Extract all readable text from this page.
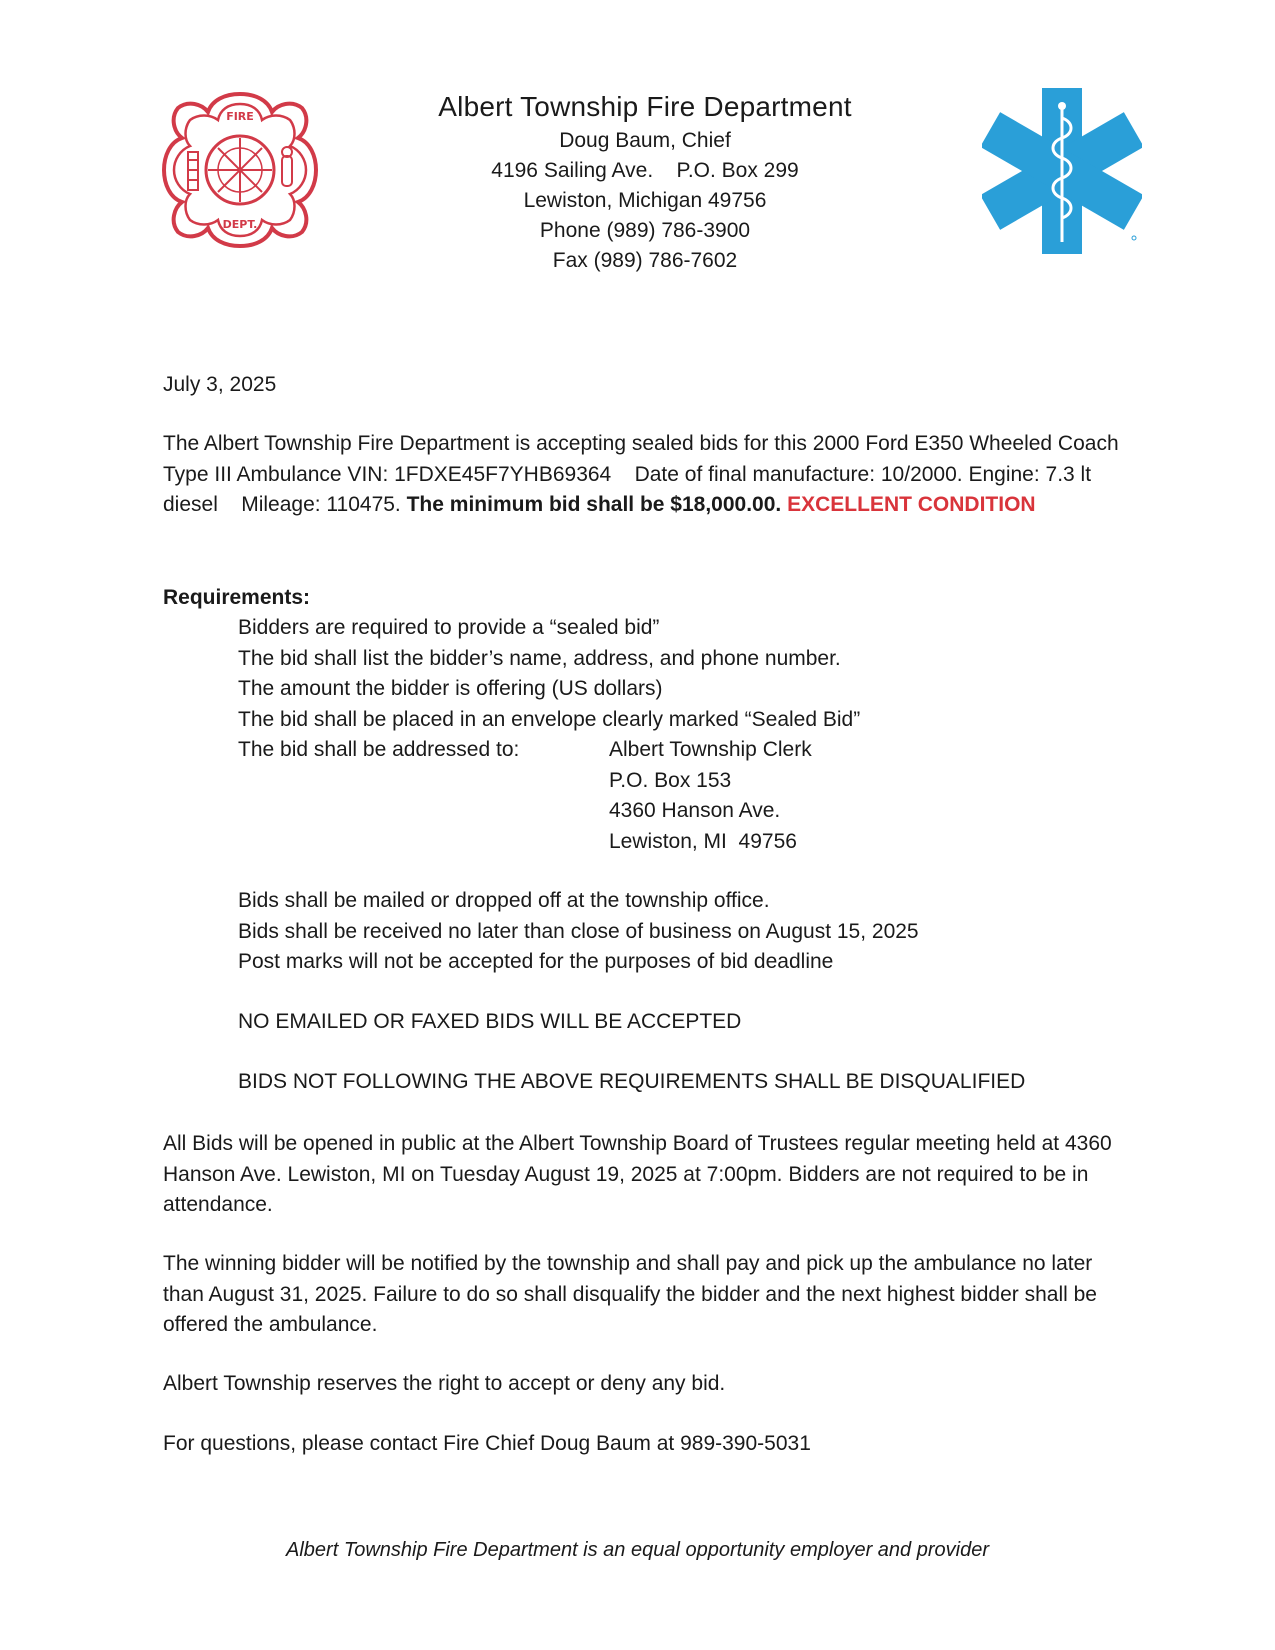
FIRE
DEPT.
Albert Township Fire Department
Doug Baum, Chief
4196 Sailing Ave.    P.O. Box 299
Lewiston, Michigan 49756
Phone (989) 786-3900
Fax (989) 786-7602
July 3, 2025
The Albert Township Fire Department is accepting sealed bids for this 2000 Ford E350 Wheeled Coach Type III Ambulance VIN: 1FDXE45F7YHB69364    Date of final manufacture: 10/2000. Engine: 7.3 lt diesel    Mileage: 110475. The minimum bid shall be $18,000.00. EXCELLENT CONDITION
Requirements:
Bidders are required to provide a “sealed bid”
The bid shall list the bidder’s name, address, and phone number.
The amount the bidder is offering (US dollars)
The bid shall be placed in an envelope clearly marked “Sealed Bid”
The bid shall be addressed to:	Albert Township Clerk
P.O. Box 153
4360 Hanson Ave.
Lewiston, MI  49756
Bids shall be mailed or dropped off at the township office.
Bids shall be received no later than close of business on August 15, 2025
Post marks will not be accepted for the purposes of bid deadline
NO EMAILED OR FAXED BIDS WILL BE ACCEPTED
BIDS NOT FOLLOWING THE ABOVE REQUIREMENTS SHALL BE DISQUALIFIED
All Bids will be opened in public at the Albert Township Board of Trustees regular meeting held at 4360 Hanson Ave. Lewiston, MI on Tuesday August 19, 2025 at 7:00pm. Bidders are not required to be in attendance.
The winning bidder will be notified by the township and shall pay and pick up the ambulance no later than August 31, 2025. Failure to do so shall disqualify the bidder and the next highest bidder shall be offered the ambulance.
Albert Township reserves the right to accept or deny any bid.
For questions, please contact Fire Chief Doug Baum at 989-390-5031
Albert Township Fire Department is an equal opportunity employer and provider
